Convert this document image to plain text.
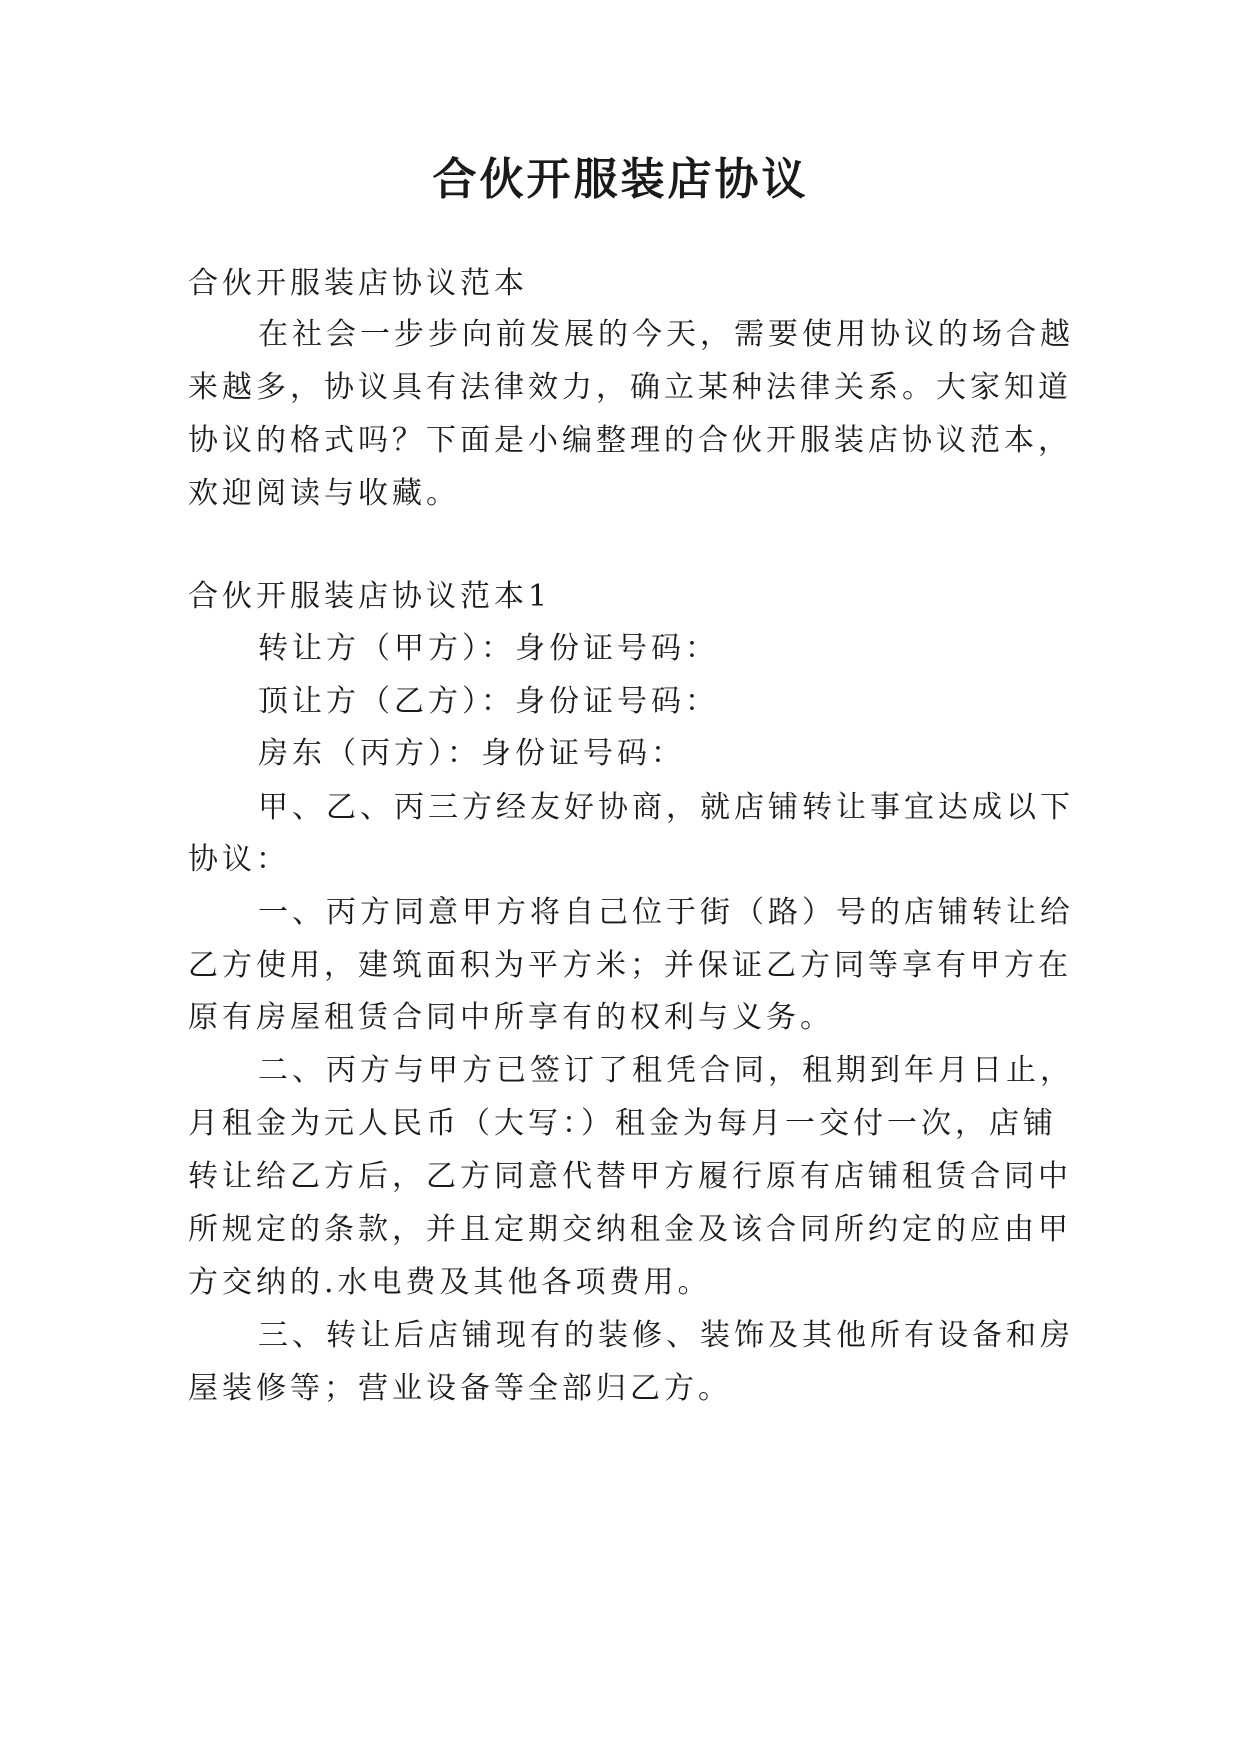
合伙开服装店协议
合伙开服装店协议范本
在社会一步步向前发展的今天，需要使用协议的场合越
来越多，协议具有法律效力，确立某种法律关系。大家知道
协议的格式吗？下面是小编整理的合伙开服装店协议范本，
欢迎阅读与收藏。
合伙开服装店协议范本1
转让方（甲方）：身份证号码：
顶让方（乙方）：身份证号码：
房东（丙方）：身份证号码：
甲、乙、丙三方经友好协商，就店铺转让事宜达成以下
协议：
一、丙方同意甲方将自己位于街（路）号的店铺转让给
乙方使用，建筑面积为平方米；并保证乙方同等享有甲方在
原有房屋租赁合同中所享有的权利与义务。
二、丙方与甲方已签订了租凭合同，租期到年月日止，
月租金为元人民币（大写：）租金为每月一交付一次，店铺
转让给乙方后，乙方同意代替甲方履行原有店铺租赁合同中
所规定的条款，并且定期交纳租金及该合同所约定的应由甲
方交纳的.水电费及其他各项费用。
三、转让后店铺现有的装修、装饰及其他所有设备和房
屋装修等；营业设备等全部归乙方。
